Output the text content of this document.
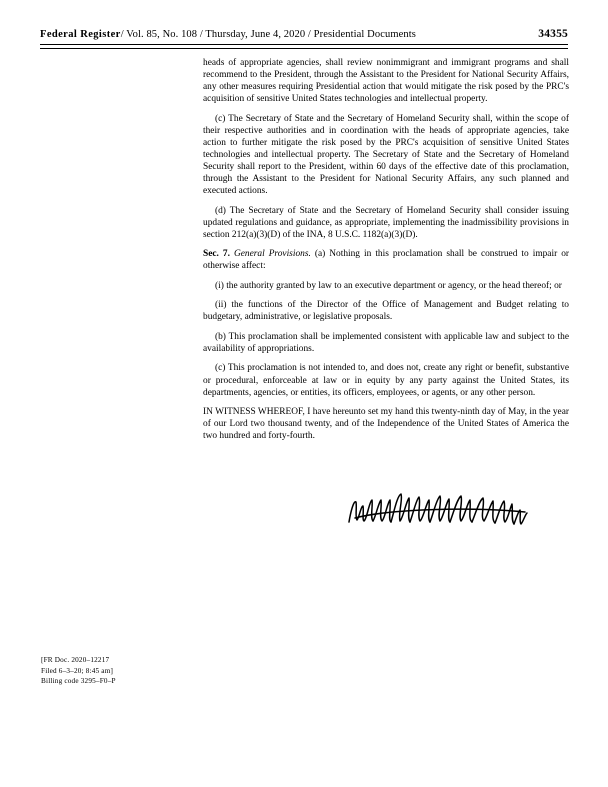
Federal Register / Vol. 85, No. 108 / Thursday, June 4, 2020 / Presidential Documents	34355

heads of appropriate agencies, shall review nonimmigrant and immigrant programs and shall recommend to the President, through the Assistant to the President for National Security Affairs, any other measures requiring Presidential action that would mitigate the risk posed by the PRC's acquisition of sensitive United States technologies and intellectual property.

(c) The Secretary of State and the Secretary of Homeland Security shall, within the scope of their respective authorities and in coordination with the heads of appropriate agencies, take action to further mitigate the risk posed by the PRC's acquisition of sensitive United States technologies and intellectual property. The Secretary of State and the Secretary of Homeland Security shall report to the President, within 60 days of the effective date of this proclamation, through the Assistant to the President for National Security Affairs, any such planned and executed actions.

(d) The Secretary of State and the Secretary of Homeland Security shall consider issuing updated regulations and guidance, as appropriate, implementing the inadmissibility provisions in section 212(a)(3)(D) of the INA, 8 U.S.C. 1182(a)(3)(D).

Sec. 7. General Provisions. (a) Nothing in this proclamation shall be construed to impair or otherwise affect:

(i) the authority granted by law to an executive department or agency, or the head thereof; or

(ii) the functions of the Director of the Office of Management and Budget relating to budgetary, administrative, or legislative proposals.

(b) This proclamation shall be implemented consistent with applicable law and subject to the availability of appropriations.

(c) This proclamation is not intended to, and does not, create any right or benefit, substantive or procedural, enforceable at law or in equity by any party against the United States, its departments, agencies, or entities, its officers, employees, or agents, or any other person.

IN WITNESS WHEREOF, I have hereunto set my hand this twenty-ninth day of May, in the year of our Lord two thousand twenty, and of the Independence of the United States of America the two hundred and forty-fourth.

[FR Doc. 2020–12217
Filed 6–3–20; 8:45 am]
Billing code 3295–F0–P
